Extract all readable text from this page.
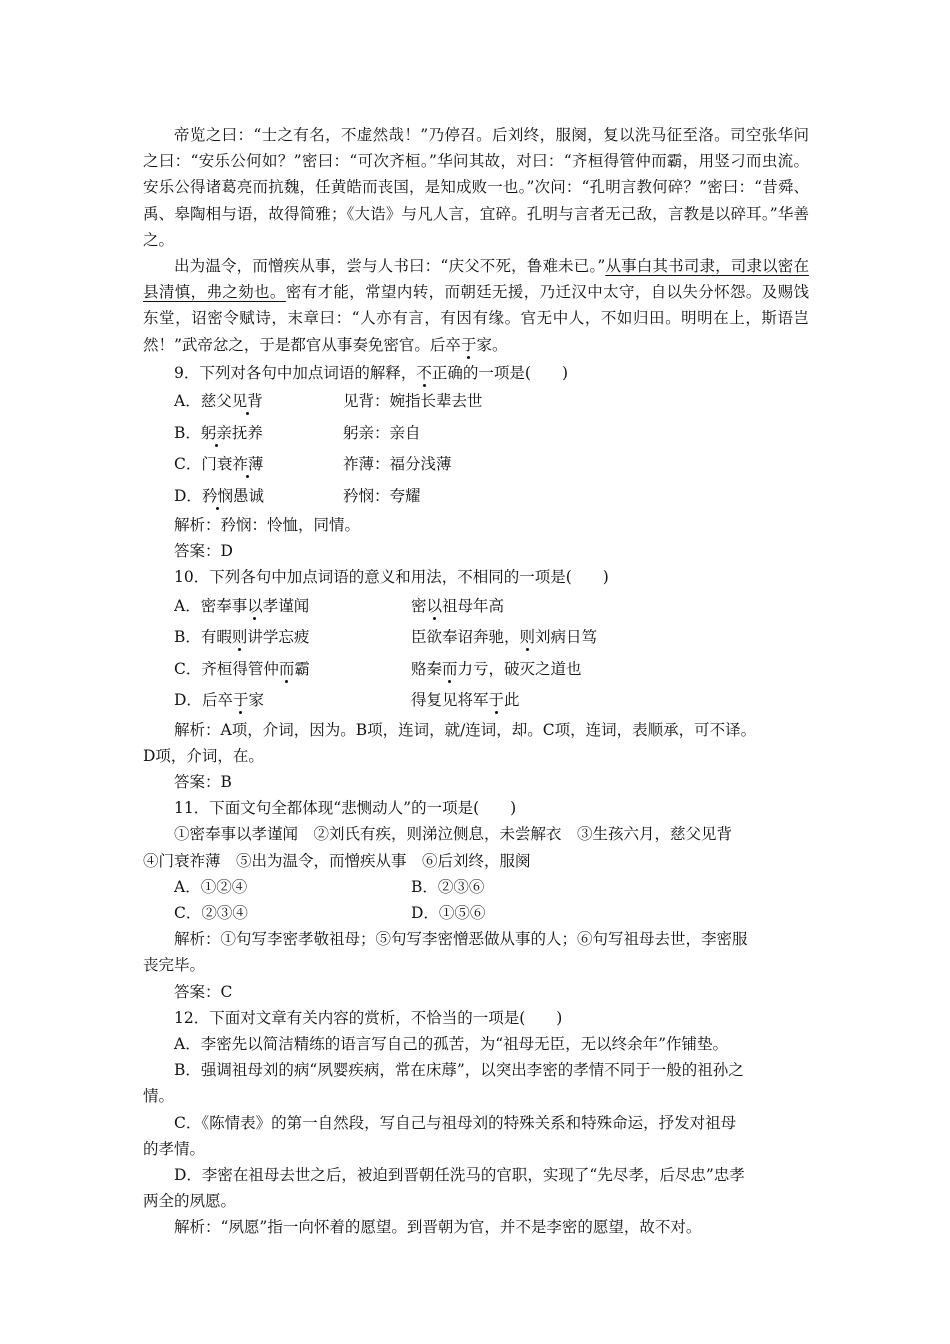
帝览之曰：“士之有名，不虚然哉！”乃停召。后刘终，服阕，复以洗马征至洛。司空张华问之曰：“安乐公何如？”密曰：“可次齐桓。”华问其故，对曰：“齐桓得管仲而霸，用竖刁而虫流。安乐公得诸葛亮而抗魏，任黄皓而丧国，是知成败一也。”次问：“孔明言教何碎？”密曰：“昔舜、禹、皋陶相与语，故得简雅；《大诰》与凡人言，宜碎。孔明与言者无己敌，言教是以碎耳。”华善之。

出为温令，而憎疾从事，尝与人书曰：“庆父不死，鲁难未已。”从事白其书司隶，司隶以密在县清慎，弗之劾也。密有才能，常望内转，而朝廷无援，乃迁汉中太守，自以失分怀怨。及赐饯东堂，诏密令赋诗，末章曰：“人亦有言，有因有缘。官无中人，不如归田。明明在上，斯语岂然！”武帝忿之，于是都官从事奏免密官。后卒于家。

9．下列对各句中加点词语的解释，不正确的一项是(　　)
A．慈父见背	见背：婉指长辈去世
B．躬亲抚养	躬亲：亲自
C．门衰祚薄	祚薄：福分浅薄
D．矜悯愚诚	矜悯：夸耀
解析：矜悯：怜恤，同情。
答案：D
10．下列各句中加点词语的意义和用法，不相同的一项是(　　)
A．密奉事以孝谨闻	密以祖母年高
B．有暇则讲学忘疲	臣欲奉诏奔驰，则刘病日笃
C．齐桓得管仲而霸	赂秦而力亏，破灭之道也
D．后卒于家	得复见将军于此
解析：A项，介词，因为。B项，连词，就/连词，却。C项，连词，表顺承，可不译。
D项，介词，在。
答案：B
11．下面文句全都体现“悲恻动人”的一项是(　　)
①密奉事以孝谨闻　②刘氏有疾，则涕泣侧息，未尝解衣　③生孩六月，慈父见背
④门衰祚薄　⑤出为温令，而憎疾从事　⑥后刘终，服阕
A．①②④	B．②③⑥
C．②③④	D．①⑤⑥
解析：①句写李密孝敬祖母；⑤句写李密憎恶做从事的人；⑥句写祖母去世，李密服
丧完毕。
答案：C
12．下面对文章有关内容的赏析，不恰当的一项是(　　)
A．李密先以简洁精练的语言写自己的孤苦，为“祖母无臣，无以终余年”作铺垫。
B．强调祖母刘的病“夙婴疾病，常在床蓐”，以突出李密的孝情不同于一般的祖孙之
情。
C．《陈情表》的第一自然段，写自己与祖母刘的特殊关系和特殊命运，抒发对祖母
的孝情。
D．李密在祖母去世之后，被迫到晋朝任洗马的官职，实现了“先尽孝，后尽忠”忠孝
两全的夙愿。
解析：“夙愿”指一向怀着的愿望。到晋朝为官，并不是李密的愿望，故不对。
